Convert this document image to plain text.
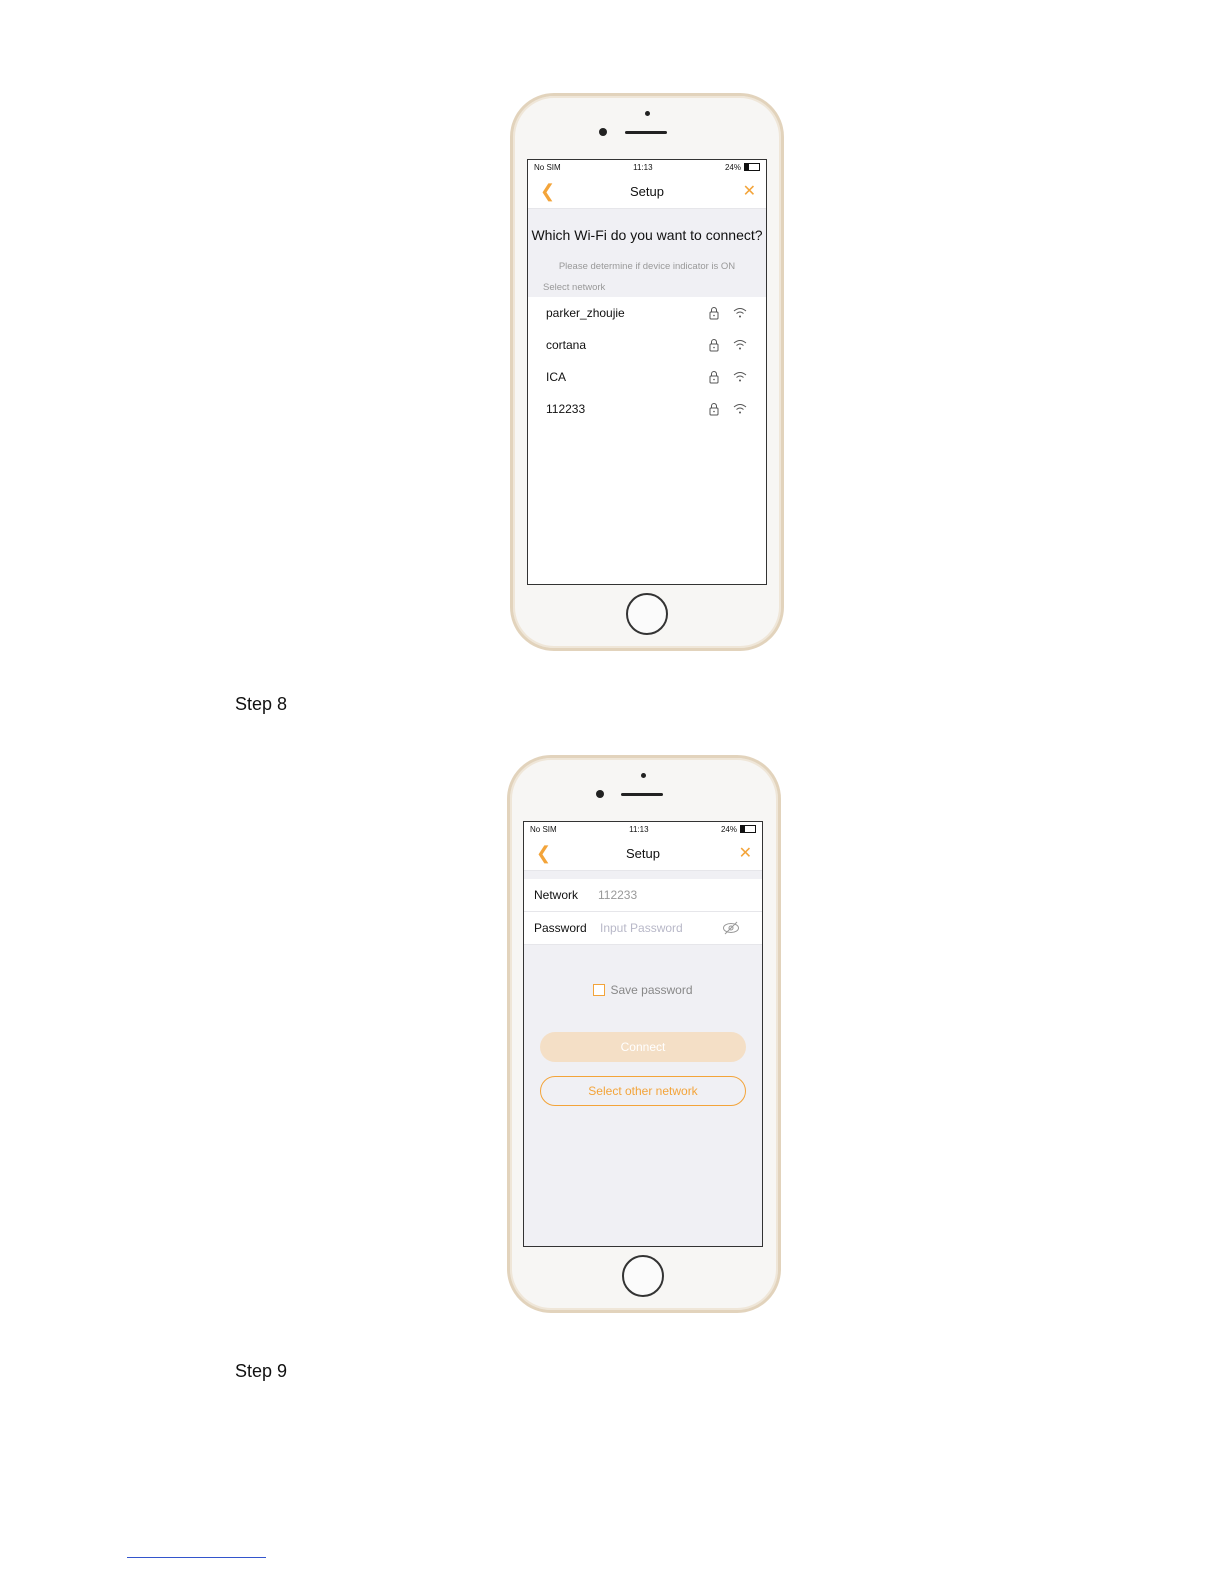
No SIM	11:13	24%
❮	Setup	✕
Which Wi-Fi do you want to connect?
Please determine if device indicator is ON
Select network
parker_zhoujie
cortana
ICA
112233
Step 8
No SIM	11:13	24%
❮	Setup	✕
Network	112233
Password
Save password
Connect
Select other network
Step 9
